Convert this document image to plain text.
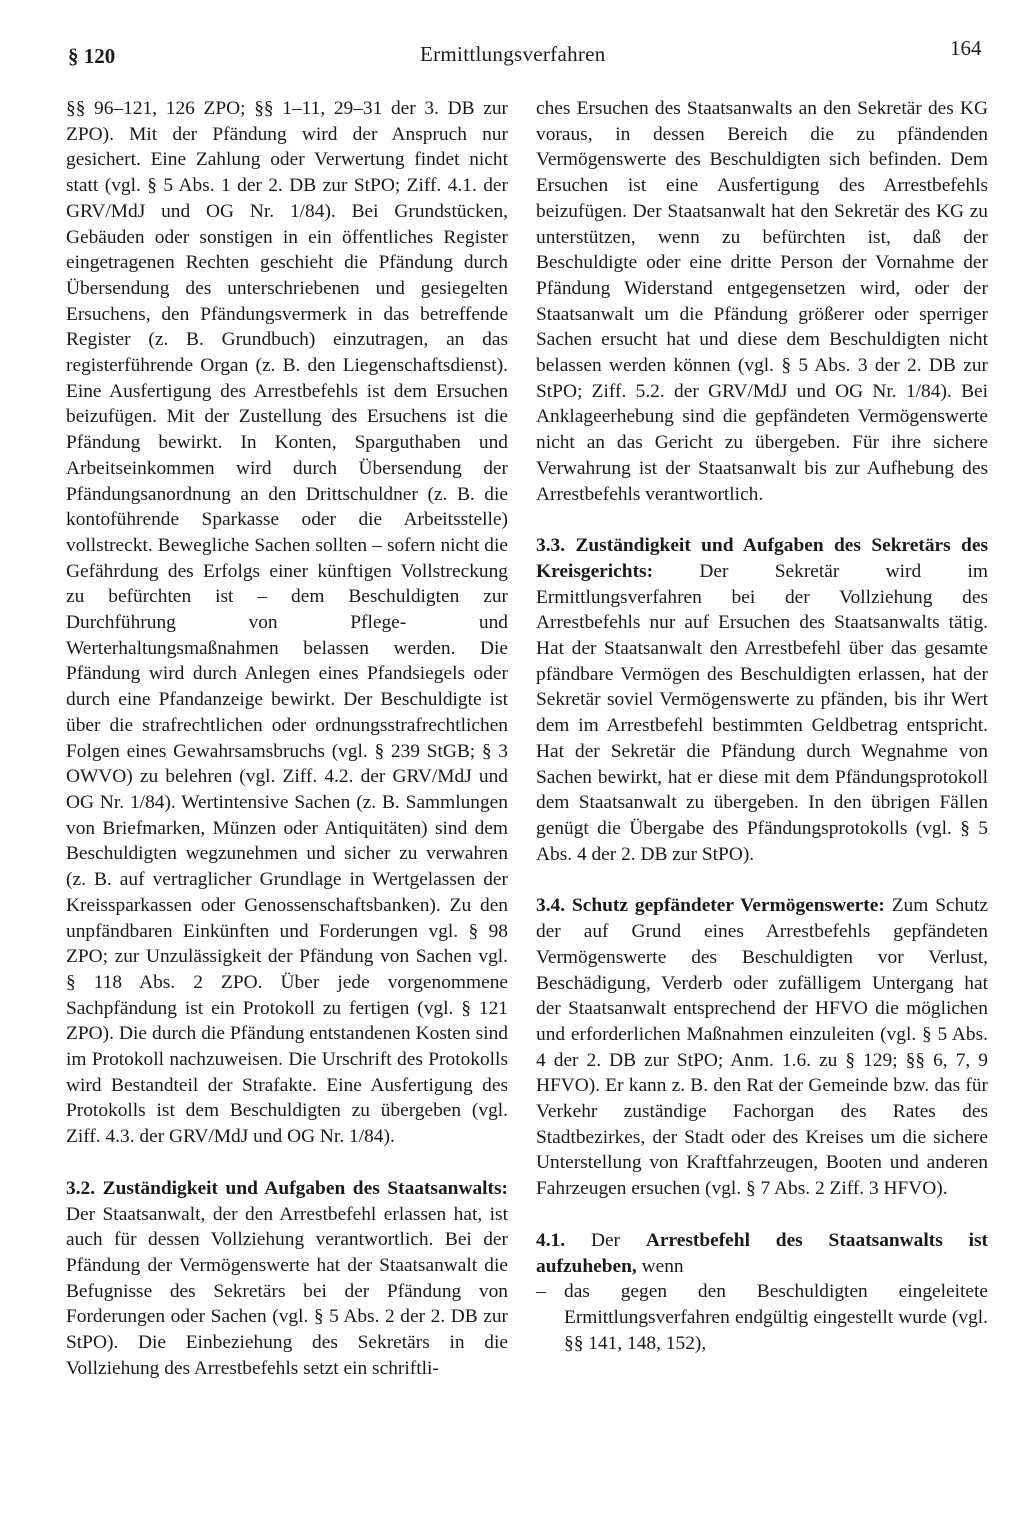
§ 120	Ermittlungsverfahren	164

§§ 96–121, 126 ZPO; §§ 1–11, 29–31 der 3. DB zur ZPO). Mit der Pfändung wird der Anspruch nur gesichert. Eine Zahlung oder Verwertung findet nicht statt (vgl. § 5 Abs. 1 der 2. DB zur StPO; Ziff. 4.1. der GRV/MdJ und OG Nr. 1/84). Bei Grundstücken, Gebäuden oder sonstigen in ein öffentliches Register eingetragenen Rechten geschieht die Pfändung durch Übersendung des unterschriebenen und gesiegelten Ersuchens, den Pfändungsvermerk in das betreffende Register (z. B. Grundbuch) einzutragen, an das registerführende Organ (z. B. den Liegenschaftsdienst). Eine Ausfertigung des Arrestbefehls ist dem Ersuchen beizufügen. Mit der Zustellung des Ersuchens ist die Pfändung bewirkt. In Konten, Sparguthaben und Arbeitseinkommen wird durch Übersendung der Pfändungsanordnung an den Drittschuldner (z. B. die kontoführende Sparkasse oder die Arbeitsstelle) vollstreckt. Bewegliche Sachen sollten – sofern nicht die Gefährdung des Erfolgs einer künftigen Vollstreckung zu befürchten ist – dem Beschuldigten zur Durchführung von Pflege- und Werterhaltungsmaßnahmen belassen werden. Die Pfändung wird durch Anlegen eines Pfandsiegels oder durch eine Pfandanzeige bewirkt. Der Beschuldigte ist über die strafrechtlichen oder ordnungsstrafrechtlichen Folgen eines Gewahrsamsbruchs (vgl. § 239 StGB; § 3 OWVO) zu belehren (vgl. Ziff. 4.2. der GRV/MdJ und OG Nr. 1/84). Wertintensive Sachen (z. B. Sammlungen von Briefmarken, Münzen oder Antiquitäten) sind dem Beschuldigten wegzunehmen und sicher zu verwahren (z. B. auf vertraglicher Grundlage in Wertgelassen der Kreissparkassen oder Genossenschaftsbanken). Zu den unpfändbaren Einkünften und Forderungen vgl. § 98 ZPO; zur Unzulässigkeit der Pfändung von Sachen vgl. § 118 Abs. 2 ZPO. Über jede vorgenommene Sachpfändung ist ein Protokoll zu fertigen (vgl. § 121 ZPO). Die durch die Pfändung entstandenen Kosten sind im Protokoll nachzuweisen. Die Urschrift des Protokolls wird Bestandteil der Strafakte. Eine Ausfertigung des Protokolls ist dem Beschuldigten zu übergeben (vgl. Ziff. 4.3. der GRV/MdJ und OG Nr. 1/84).

3.2. Zuständigkeit und Aufgaben des Staatsanwalts: Der Staatsanwalt, der den Arrestbefehl erlassen hat, ist auch für dessen Vollziehung verantwortlich. Bei der Pfändung der Vermögenswerte hat der Staatsanwalt die Befugnisse des Sekretärs bei der Pfändung von Forderungen oder Sachen (vgl. § 5 Abs. 2 der 2. DB zur StPO). Die Einbeziehung des Sekretärs in die Vollziehung des Arrestbefehls setzt ein schriftli-

ches Ersuchen des Staatsanwalts an den Sekretär des KG voraus, in dessen Bereich die zu pfändenden Vermögenswerte des Beschuldigten sich befinden. Dem Ersuchen ist eine Ausfertigung des Arrestbefehls beizufügen. Der Staatsanwalt hat den Sekretär des KG zu unterstützen, wenn zu befürchten ist, daß der Beschuldigte oder eine dritte Person der Vornahme der Pfändung Widerstand entgegensetzen wird, oder der Staatsanwalt um die Pfändung größerer oder sperriger Sachen ersucht hat und diese dem Beschuldigten nicht belassen werden können (vgl. § 5 Abs. 3 der 2. DB zur StPO; Ziff. 5.2. der GRV/MdJ und OG Nr. 1/84). Bei Anklageerhebung sind die gepfändeten Vermögenswerte nicht an das Gericht zu übergeben. Für ihre sichere Verwahrung ist der Staatsanwalt bis zur Aufhebung des Arrestbefehls verantwortlich.

3.3. Zuständigkeit und Aufgaben des Sekretärs des Kreisgerichts: Der Sekretär wird im Ermittlungsverfahren bei der Vollziehung des Arrestbefehls nur auf Ersuchen des Staatsanwalts tätig. Hat der Staatsanwalt den Arrestbefehl über das gesamte pfändbare Vermögen des Beschuldigten erlassen, hat der Sekretär soviel Vermögenswerte zu pfänden, bis ihr Wert dem im Arrestbefehl bestimmten Geldbetrag entspricht. Hat der Sekretär die Pfändung durch Wegnahme von Sachen bewirkt, hat er diese mit dem Pfändungsprotokoll dem Staatsanwalt zu übergeben. In den übrigen Fällen genügt die Übergabe des Pfändungsprotokolls (vgl. § 5 Abs. 4 der 2. DB zur StPO).

3.4. Schutz gepfändeter Vermögenswerte: Zum Schutz der auf Grund eines Arrestbefehls gepfändeten Vermögenswerte des Beschuldigten vor Verlust, Beschädigung, Verderb oder zufälligem Untergang hat der Staatsanwalt entsprechend der HFVO die möglichen und erforderlichen Maßnahmen einzuleiten (vgl. § 5 Abs. 4 der 2. DB zur StPO; Anm. 1.6. zu § 129; §§ 6, 7, 9 HFVO). Er kann z. B. den Rat der Gemeinde bzw. das für Verkehr zuständige Fachorgan des Rates des Stadtbezirkes, der Stadt oder des Kreises um die sichere Unterstellung von Kraftfahrzeugen, Booten und anderen Fahrzeugen ersuchen (vgl. § 7 Abs. 2 Ziff. 3 HFVO).

4.1. Der Arrestbefehl des Staatsanwalts ist aufzuheben, wenn

– das gegen den Beschuldigten eingeleitete Ermittlungsverfahren endgültig eingestellt wurde (vgl. §§ 141, 148, 152),
